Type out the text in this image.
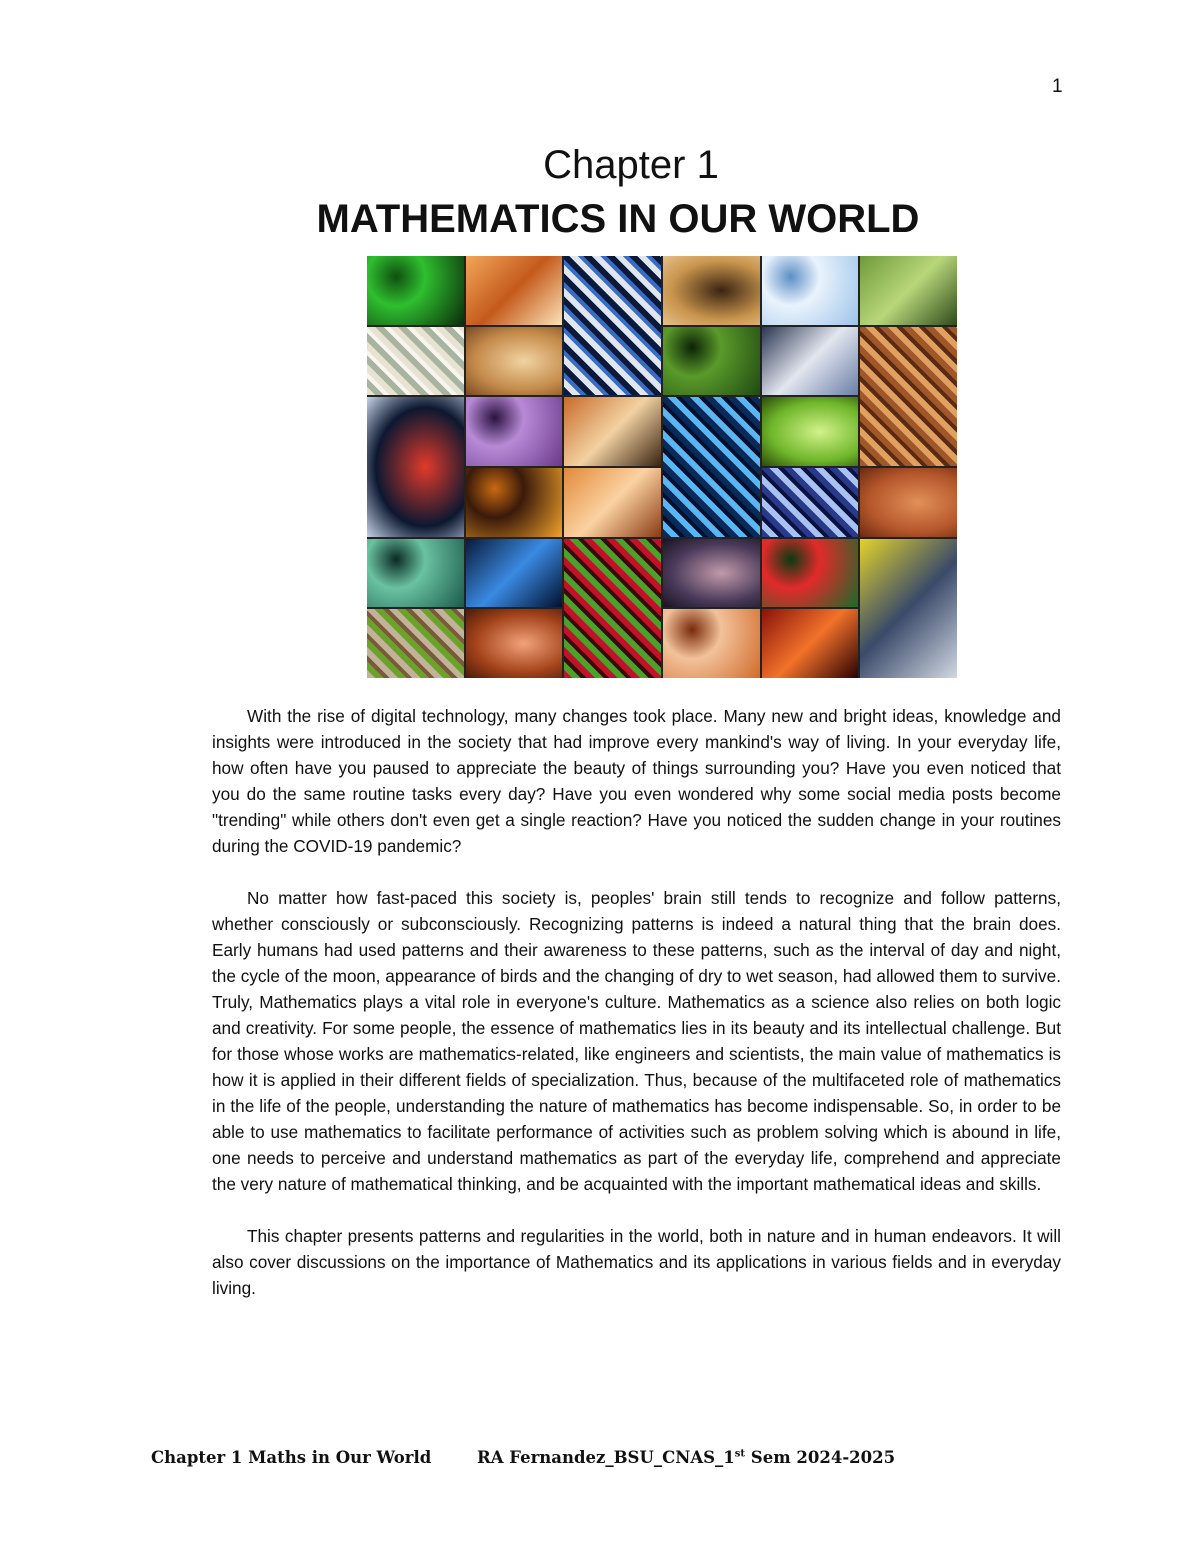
1
Chapter 1
MATHEMATICS IN OUR WORLD

With the rise of digital technology, many changes took place. Many new and bright ideas, knowledge and insights were introduced in the society that had improve every mankind's way of living. In your everyday life, how often have you paused to appreciate the beauty of things surrounding you? Have you even noticed that you do the same routine tasks every day? Have you even wondered why some social media posts become "trending" while others don't even get a single reaction? Have you noticed the sudden change in your routines during the COVID-19 pandemic?

No matter how fast-paced this society is, peoples' brain still tends to recognize and follow patterns, whether consciously or subconsciously. Recognizing patterns is indeed a natural thing that the brain does. Early humans had used patterns and their awareness to these patterns, such as the interval of day and night, the cycle of the moon, appearance of birds and the changing of dry to wet season, had allowed them to survive. Truly, Mathematics plays a vital role in everyone's culture. Mathematics as a science also relies on both logic and creativity. For some people, the essence of mathematics lies in its beauty and its intellectual challenge. But for those whose works are mathematics-related, like engineers and scientists, the main value of mathematics is how it is applied in their different fields of specialization. Thus, because of the multifaceted role of mathematics in the life of the people, understanding the nature of mathematics has become indispensable. So, in order to be able to use mathematics to facilitate performance of activities such as problem solving which is abound in life, one needs to perceive and understand mathematics as part of the everyday life, comprehend and appreciate the very nature of mathematical thinking, and be acquainted with the important mathematical ideas and skills.

This chapter presents patterns and regularities in the world, both in nature and in human endeavors. It will also cover discussions on the importance of Mathematics and its applications in various fields and in everyday living.

Chapter 1 Maths in Our World	RA Fernandez_BSU_CNAS_1st Sem 2024-2025
